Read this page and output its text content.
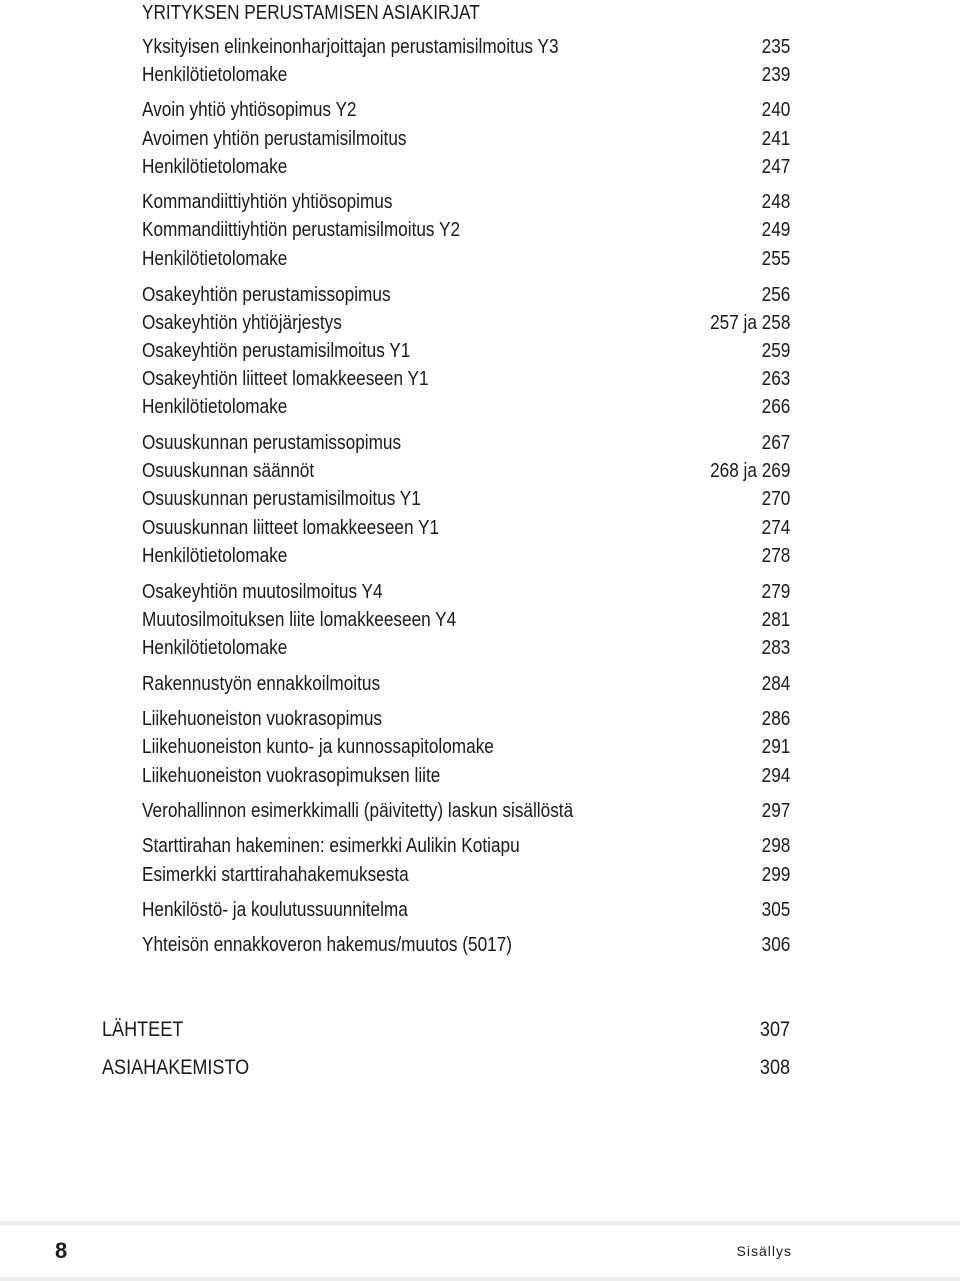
YRITYKSEN PERUSTAMISEN ASIAKIRJAT
Yksityisen elinkeinonharjoittajan perustamisilmoitus Y3	235
Henkilötietolomake	239
Avoin yhtiö yhtiösopimus Y2	240
Avoimen yhtiön perustamisilmoitus	241
Henkilötietolomake	247
Kommandiittiyhtiön yhtiösopimus	248
Kommandiittiyhtiön perustamisilmoitus Y2	249
Henkilötietolomake	255
Osakeyhtiön perustamissopimus	256
Osakeyhtiön yhtiöjärjestys	257 ja 258
Osakeyhtiön perustamisilmoitus Y1	259
Osakeyhtiön liitteet lomakkeeseen Y1	263
Henkilötietolomake	266
Osuuskunnan perustamissopimus	267
Osuuskunnan säännöt	268 ja 269
Osuuskunnan perustamisilmoitus Y1	270
Osuuskunnan liitteet lomakkeeseen Y1	274
Henkilötietolomake	278
Osakeyhtiön muutosilmoitus Y4	279
Muutosilmoituksen liite lomakkeeseen Y4	281
Henkilötietolomake	283
Rakennustyön ennakkoilmoitus	284
Liikehuoneiston vuokrasopimus	286
Liikehuoneiston kunto- ja kunnossapitolomake	291
Liikehuoneiston vuokrasopimuksen liite	294
Verohallinnon esimerkkimalli (päivitetty) laskun sisällöstä	297
Starttirahan hakeminen: esimerkki Aulikin Kotiapu	298
Esimerkki starttirahahakemuksesta	299
Henkilöstö- ja koulutussuunnitelma	305
Yhteisön ennakkoveron hakemus/muutos (5017)	306
LÄHTEET	307
ASIAHAKEMISTO	308
8	Sisällys
